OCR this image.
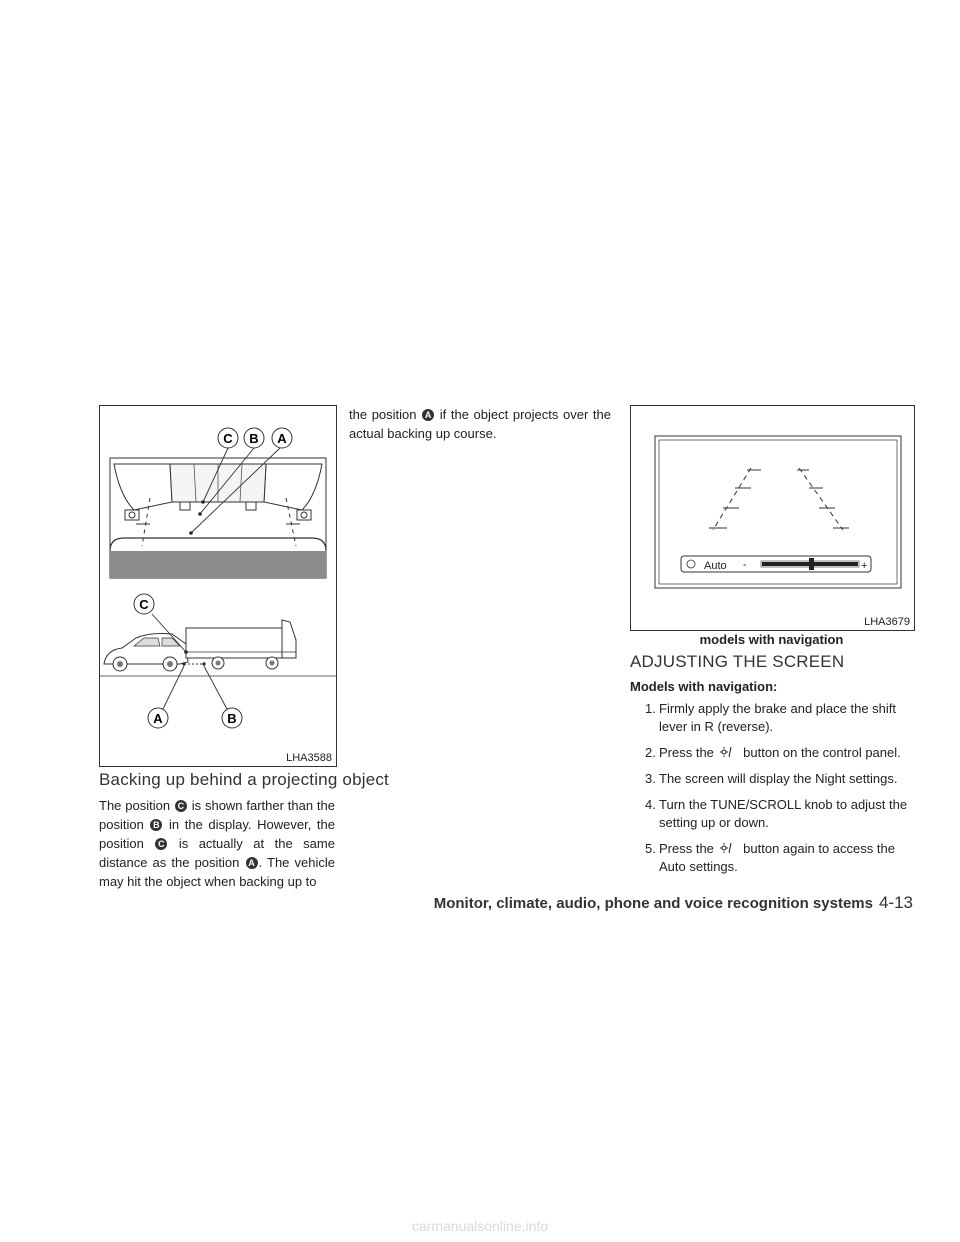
C B A
C
A	B
LHA3588
Auto -	+
LHA3679
models with navigation
Backing up behind a projecting object
The position C is shown farther than the position B in the display. However, the position C is actually at the same distance as the position A . The vehicle may hit the object when backing up to
the position A if the object projects over the actual backing up course.
ADJUSTING THE SCREEN
Models with navigation:
1. Firmly apply the brake and place the shift lever in R (reverse).
2. Press the button on the control panel.
3. The screen will display the Night settings.
4. Turn the TUNE/SCROLL knob to adjust the setting up or down.
5. Press the button again to access the Auto settings.
Monitor, climate, audio, phone and voice recognition systems 4-13
carmanualsonline.info
